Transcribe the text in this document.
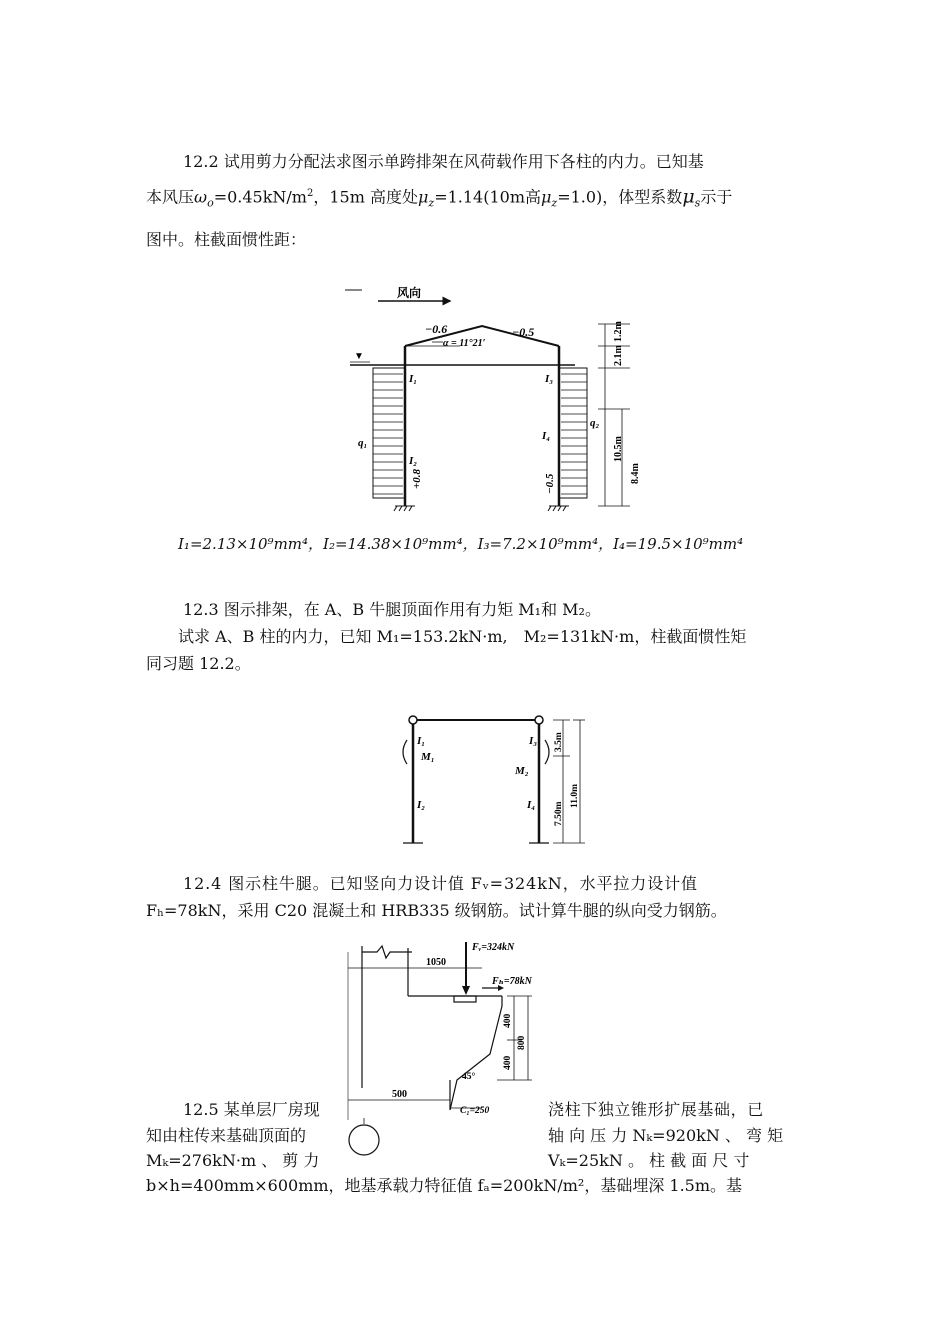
12.2 试用剪力分配法求图示单跨排架在风荷载作用下各柱的内力。已知基
本风压$\omega_o=0.45kN/m^2$，15m 高度处$\mu_z=1.14(10m$高$\mu_z=1.0$)，体型系数$\mu_s$示于
图中。柱截面惯性距：
风向
−0.6	−0.5
α = 11°21′
▼
I₁
I₂
I₃
I₄
q₁
q₂
+0.8	−0.5
1.2m
2.1m
10.5m
8.4m
I₁=2.13×10⁹mm⁴，I₂=14.38×10⁹mm⁴，I₃=7.2×10⁹mm⁴，I₄=19.5×10⁹mm⁴
12.3 图示排架，在 A、B 牛腿顶面作用有力矩 M₁和 M₂。
试求 A、B 柱的内力，已知 M₁=153.2kN·m,　M₂=131kN·m，柱截面惯性矩
同习题 12.2。
I₁
I₂
I₃
I₄
M₁
M₂
3.5m
7.50m
11.0m
12.4 图示柱牛腿。已知竖向力设计值 Fᵥ=324kN，水平拉力设计值
Fₕ=78kN，采用 C20 混凝土和 HRB335 级钢筋。试计算牛腿的纵向受力钢筋。
Fᵥ=324kN
Fₕ=78kN
1050
400
400
800
45°
500
C₁=250
12.5 某单层厂房现	浇柱下独立锥形扩展基础，已
知由柱传来基础顶面的	轴 向 压 力 Nₖ=920kN 、 弯 矩
Mₖ=276kN·m 、 剪 力	Vₖ=25kN 。 柱 截 面 尺 寸
b×h=400mm×600mm，地基承载力特征值 fₐ=200kN/m²，基础埋深 1.5m。基
